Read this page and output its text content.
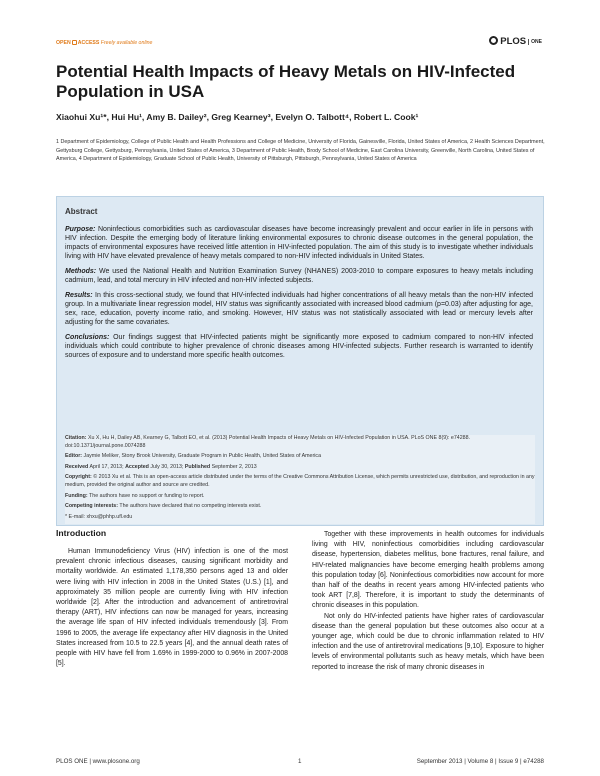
OPEN ACCESS Freely available online	PLOS ONE
Potential Health Impacts of Heavy Metals on HIV-Infected Population in USA
Xiaohui Xu¹*, Hui Hu¹, Amy B. Dailey², Greg Kearney³, Evelyn O. Talbott⁴, Robert L. Cook¹
1 Department of Epidemiology, College of Public Health and Health Professions and College of Medicine, University of Florida, Gainesville, Florida, United States of America, 2 Health Sciences Department, Gettysburg College, Gettysburg, Pennsylvania, United States of America, 3 Department of Public Health, Brody School of Medicine, East Carolina University, Greenville, North Carolina, United States of America, 4 Department of Epidemiology, Graduate School of Public Health, University of Pittsburgh, Pittsburgh, Pennsylvania, United States of America
Abstract

Purpose: Noninfectious comorbidities such as cardiovascular diseases have become increasingly prevalent and occur earlier in life in persons with HIV infection. Despite the emerging body of literature linking environmental exposures to chronic disease outcomes in the general population, the impacts of environmental exposures have received little attention in HIV-infected population. The aim of this study is to investigate whether individuals living with HIV have elevated prevalence of heavy metals compared to non-HIV infected individuals in United States.

Methods: We used the National Health and Nutrition Examination Survey (NHANES) 2003-2010 to compare exposures to heavy metals including cadmium, lead, and total mercury in HIV infected and non-HIV infected subjects.

Results: In this cross-sectional study, we found that HIV-infected individuals had higher concentrations of all heavy metals than the non-HIV infected group. In a multivariate linear regression model, HIV status was significantly associated with increased blood cadmium (p=0.03) after adjusting for age, sex, race, education, poverty income ratio, and smoking. However, HIV status was not statistically associated with lead or mercury levels after adjusting for the same covariates.

Conclusions: Our findings suggest that HIV-infected patients might be significantly more exposed to cadmium compared to non-HIV infected individuals which could contribute to higher prevalence of chronic diseases among HIV-infected subjects. Further research is warranted to identify sources of exposure and to understand more specific health outcomes.

Citation: Xu X, Hu H, Dailey AB, Kearney G, Talbott EO, et al. (2013) Potential Health Impacts of Heavy Metals on HIV-Infected Population in USA. PLoS ONE 8(9): e74288. doi:10.1371/journal.pone.0074288

Editor: Jaymie Meliker, Stony Brook University, Graduate Program in Public Health, United States of America

Received April 17, 2013; Accepted July 30, 2013; Published September 2, 2013

Copyright: © 2013 Xu et al. This is an open-access article distributed under the terms of the Creative Commons Attribution License, which permits unrestricted use, distribution, and reproduction in any medium, provided the original author and source are credited.

Funding: The authors have no support or funding to report.

Competing interests: The authors have declared that no competing interests exist.

* E-mail: xhxu@phhp.ufl.edu

Introduction

Human Immunodeficiency Virus (HIV) infection is one of the most prevalent chronic infectious diseases, causing significant morbidity and mortality worldwide. An estimated 1,178,350 persons aged 13 and older were living with HIV infection in 2008 in the United States (U.S.) [1], and approximately 35 million people are currently living with HIV infection worldwide [2]. After the introduction and advancement of antiretroviral therapy (ART), HIV infections can now be managed for years, increasing the average life span of HIV infected individuals tremendously [3]. From 1996 to 2005, the average life expectancy after HIV diagnosis in the United States increased from 10.5 to 22.5 years [4], and the annual death rates of people with HIV have fell from 1.69% in 1999-2000 to 0.96% in 2007-2008 [5].

Together with these improvements in health outcomes for individuals living with HIV, noninfectious comorbidities including cardiovascular disease, hypertension, diabetes mellitus, bone fractures, renal failure, and HIV-related malignancies have become emerging health problems among this population today [6]. Noninfectious comorbidities now account for more than half of the deaths in recent years among HIV-infected patients who took ART [7,8]. Therefore, it is important to study the determinants of chronic diseases in this population.

Not only do HIV-infected patients have higher rates of cardiovascular disease than the general population but these outcomes also occur at a younger age, which could be due to chronic inflammation related to HIV infection and the use of antiretroviral medications [9,10]. Exposure to higher levels of environmental pollutants such as heavy metals, which have been reported to increase the risk of many chronic diseases in

PLOS ONE | www.plosone.org	1	September 2013 | Volume 8 | Issue 9 | e74288
